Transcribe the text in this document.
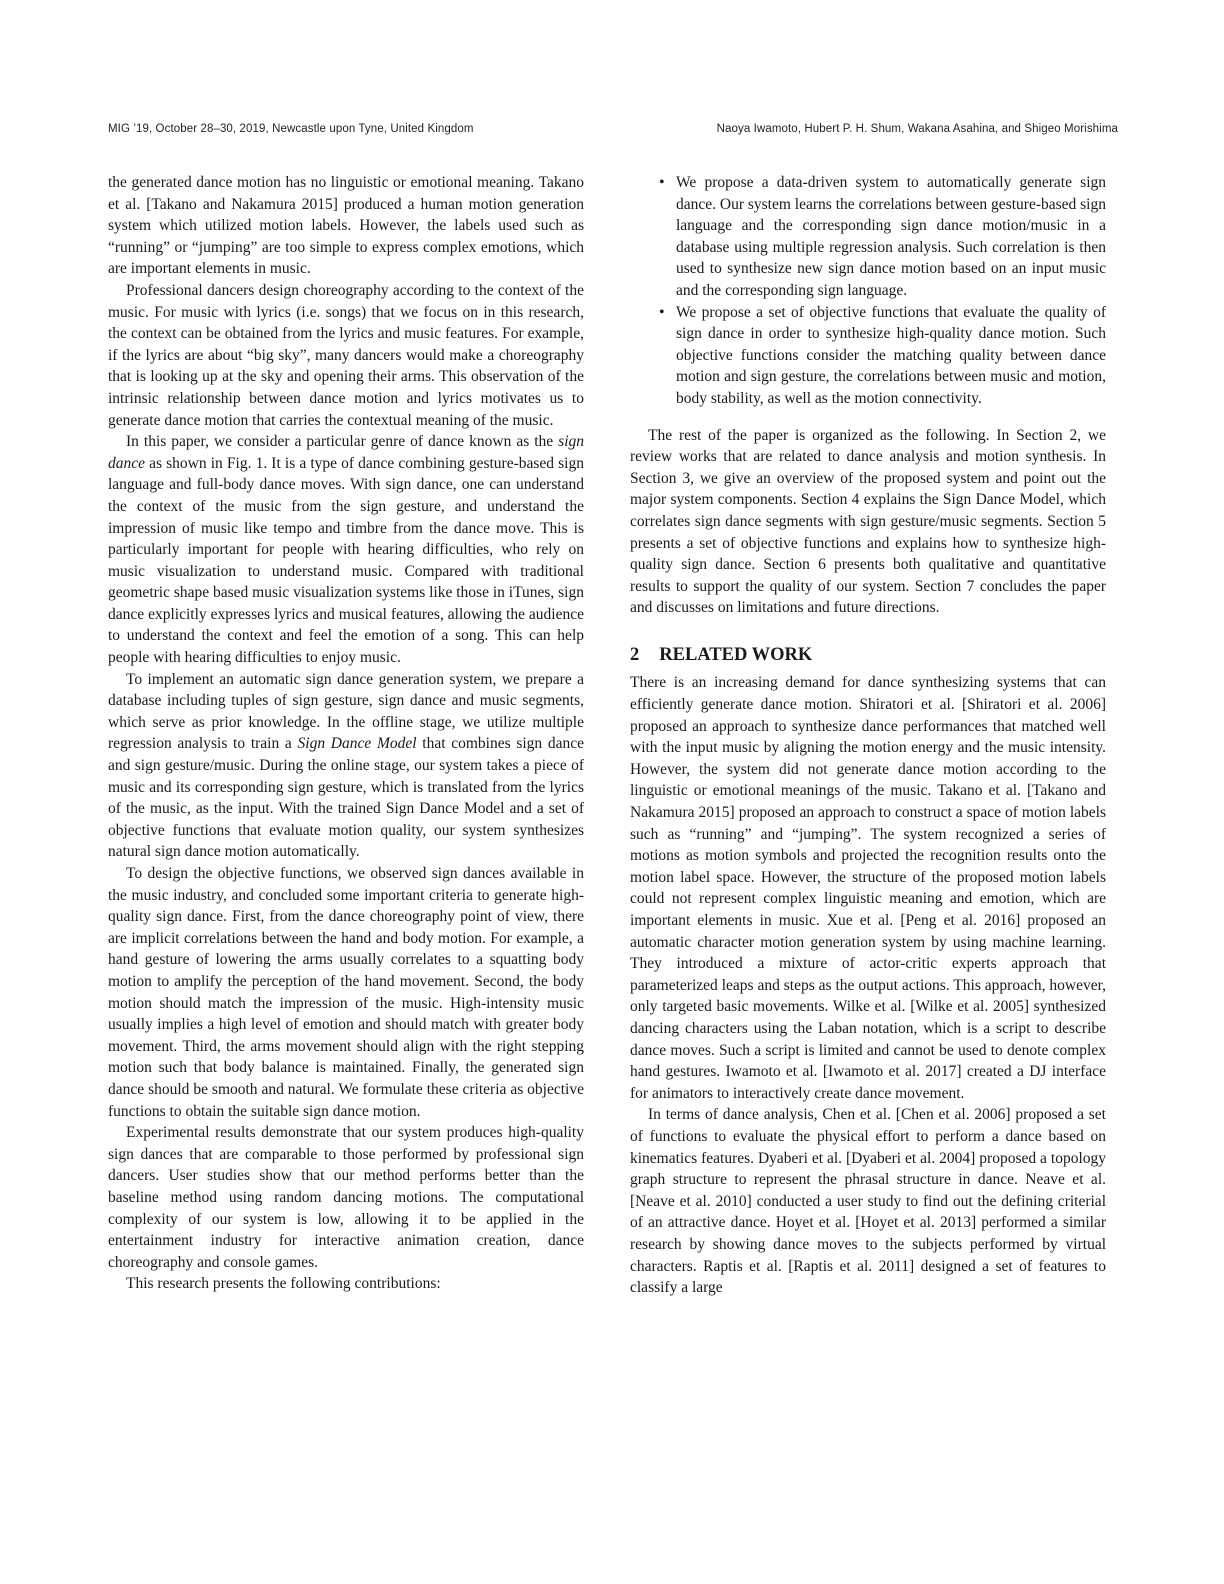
MIG ’19, October 28–30, 2019, Newcastle upon Tyne, United Kingdom	Naoya Iwamoto, Hubert P. H. Shum, Wakana Asahina, and Shigeo Morishima

the generated dance motion has no linguistic or emotional meaning. Takano et al. [Takano and Nakamura 2015] produced a human motion generation system which utilized motion labels. However, the labels used such as “running” or “jumping” are too simple to express complex emotions, which are important elements in music.

Professional dancers design choreography according to the context of the music. For music with lyrics (i.e. songs) that we focus on in this research, the context can be obtained from the lyrics and music features. For example, if the lyrics are about “big sky”, many dancers would make a choreography that is looking up at the sky and opening their arms. This observation of the intrinsic relationship between dance motion and lyrics motivates us to generate dance motion that carries the contextual meaning of the music.

In this paper, we consider a particular genre of dance known as the sign dance as shown in Fig. 1. It is a type of dance combining gesture-based sign language and full-body dance moves. With sign dance, one can understand the context of the music from the sign gesture, and understand the impression of music like tempo and timbre from the dance move. This is particularly important for people with hearing difficulties, who rely on music visualization to understand music. Compared with traditional geometric shape based music visualization systems like those in iTunes, sign dance explicitly expresses lyrics and musical features, allowing the audience to understand the context and feel the emotion of a song. This can help people with hearing difficulties to enjoy music.

To implement an automatic sign dance generation system, we prepare a database including tuples of sign gesture, sign dance and music segments, which serve as prior knowledge. In the offline stage, we utilize multiple regression analysis to train a Sign Dance Model that combines sign dance and sign gesture/music. During the online stage, our system takes a piece of music and its corresponding sign gesture, which is translated from the lyrics of the music, as the input. With the trained Sign Dance Model and a set of objective functions that evaluate motion quality, our system synthesizes natural sign dance motion automatically.

To design the objective functions, we observed sign dances available in the music industry, and concluded some important criteria to generate high-quality sign dance. First, from the dance choreography point of view, there are implicit correlations between the hand and body motion. For example, a hand gesture of lowering the arms usually correlates to a squatting body motion to amplify the perception of the hand movement. Second, the body motion should match the impression of the music. High-intensity music usually implies a high level of emotion and should match with greater body movement. Third, the arms movement should align with the right stepping motion such that body balance is maintained. Finally, the generated sign dance should be smooth and natural. We formulate these criteria as objective functions to obtain the suitable sign dance motion.

Experimental results demonstrate that our system produces high-quality sign dances that are comparable to those performed by professional sign dancers. User studies show that our method performs better than the baseline method using random dancing motions. The computational complexity of our system is low, allowing it to be applied in the entertainment industry for interactive animation creation, dance choreography and console games.

This research presents the following contributions:

• We propose a data-driven system to automatically generate sign dance. Our system learns the correlations between gesture-based sign language and the corresponding sign dance motion/music in a database using multiple regression analysis. Such correlation is then used to synthesize new sign dance motion based on an input music and the corresponding sign language.
• We propose a set of objective functions that evaluate the quality of sign dance in order to synthesize high-quality dance motion. Such objective functions consider the matching quality between dance motion and sign gesture, the correlations between music and motion, body stability, as well as the motion connectivity.

The rest of the paper is organized as the following. In Section 2, we review works that are related to dance analysis and motion synthesis. In Section 3, we give an overview of the proposed system and point out the major system components. Section 4 explains the Sign Dance Model, which correlates sign dance segments with sign gesture/music segments. Section 5 presents a set of objective functions and explains how to synthesize high-quality sign dance. Section 6 presents both qualitative and quantitative results to support the quality of our system. Section 7 concludes the paper and discusses on limitations and future directions.

2 RELATED WORK

There is an increasing demand for dance synthesizing systems that can efficiently generate dance motion. Shiratori et al. [Shiratori et al. 2006] proposed an approach to synthesize dance performances that matched well with the input music by aligning the motion energy and the music intensity. However, the system did not generate dance motion according to the linguistic or emotional meanings of the music. Takano et al. [Takano and Nakamura 2015] proposed an approach to construct a space of motion labels such as “running” and “jumping”. The system recognized a series of motions as motion symbols and projected the recognition results onto the motion label space. However, the structure of the proposed motion labels could not represent complex linguistic meaning and emotion, which are important elements in music. Xue et al. [Peng et al. 2016] proposed an automatic character motion generation system by using machine learning. They introduced a mixture of actor-critic experts approach that parameterized leaps and steps as the output actions. This approach, however, only targeted basic movements. Wilke et al. [Wilke et al. 2005] synthesized dancing characters using the Laban notation, which is a script to describe dance moves. Such a script is limited and cannot be used to denote complex hand gestures. Iwamoto et al. [Iwamoto et al. 2017] created a DJ interface for animators to interactively create dance movement.

In terms of dance analysis, Chen et al. [Chen et al. 2006] proposed a set of functions to evaluate the physical effort to perform a dance based on kinematics features. Dyaberi et al. [Dyaberi et al. 2004] proposed a topology graph structure to represent the phrasal structure in dance. Neave et al. [Neave et al. 2010] conducted a user study to find out the defining criterial of an attractive dance. Hoyet et al. [Hoyet et al. 2013] performed a similar research by showing dance moves to the subjects performed by virtual characters. Raptis et al. [Raptis et al. 2011] designed a set of features to classify a large
